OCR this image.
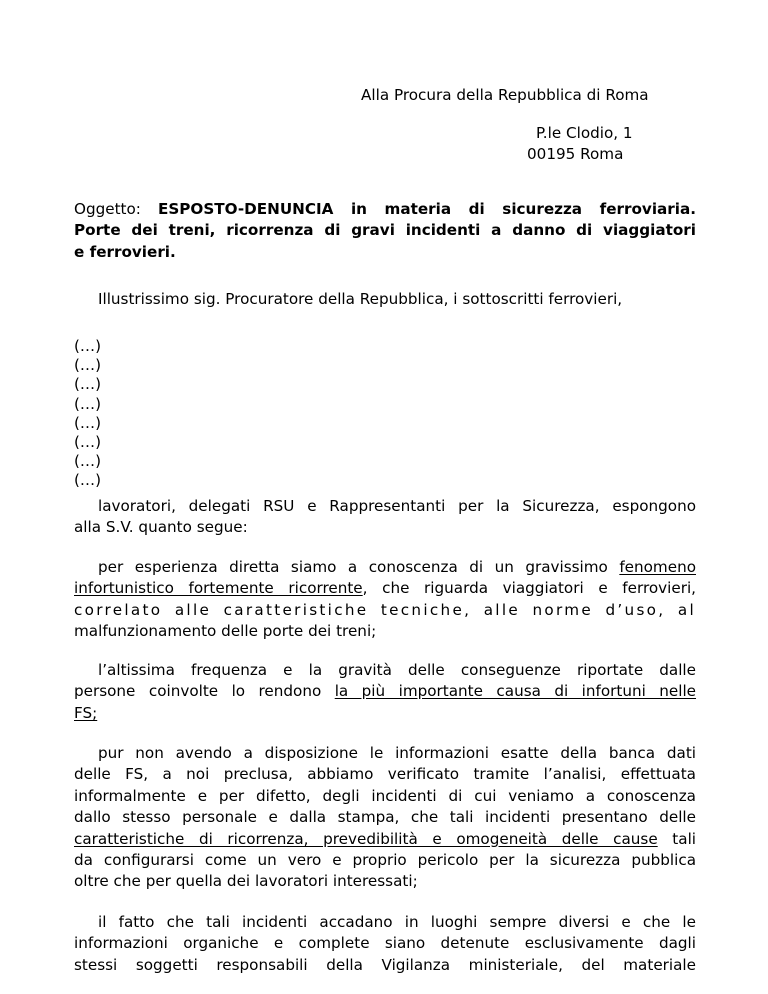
Alla Procura della Repubblica di Roma
P.le Clodio, 1
00195 Roma
Oggetto: ESPOSTO-DENUNCIA in materia di sicurezza ferroviaria.
Porte dei treni, ricorrenza di gravi incidenti a danno di viaggiatori
e ferrovieri.
Illustrissimo sig. Procuratore della Repubblica, i sottoscritti ferrovieri,
(…)
(…)
(…)
(…)
(…)
(…)
(…)
(…)
lavoratori, delegati RSU e Rappresentanti per la Sicurezza, espongono
alla S.V. quanto segue:
per esperienza diretta siamo a conoscenza di un gravissimo fenomeno
infortunistico fortemente ricorrente, che riguarda viaggiatori e ferrovieri,
correlato alle caratteristiche tecniche, alle norme d’uso, al
malfunzionamento delle porte dei treni;
l’altissima frequenza e la gravità delle conseguenze riportate dalle
persone coinvolte lo rendono la più importante causa di infortuni nelle
FS;
pur non avendo a disposizione le informazioni esatte della banca dati
delle FS, a noi preclusa, abbiamo verificato tramite l’analisi, effettuata
informalmente e per difetto, degli incidenti di cui veniamo a conoscenza
dallo stesso personale e dalla stampa, che tali incidenti presentano delle
caratteristiche di ricorrenza, prevedibilità e omogeneità delle cause tali
da configurarsi come un vero e proprio pericolo per la sicurezza pubblica
oltre che per quella dei lavoratori interessati;
il fatto che tali incidenti accadano in luoghi sempre diversi e che le
informazioni organiche e complete siano detenute esclusivamente dagli
stessi soggetti responsabili della Vigilanza ministeriale, del materiale
